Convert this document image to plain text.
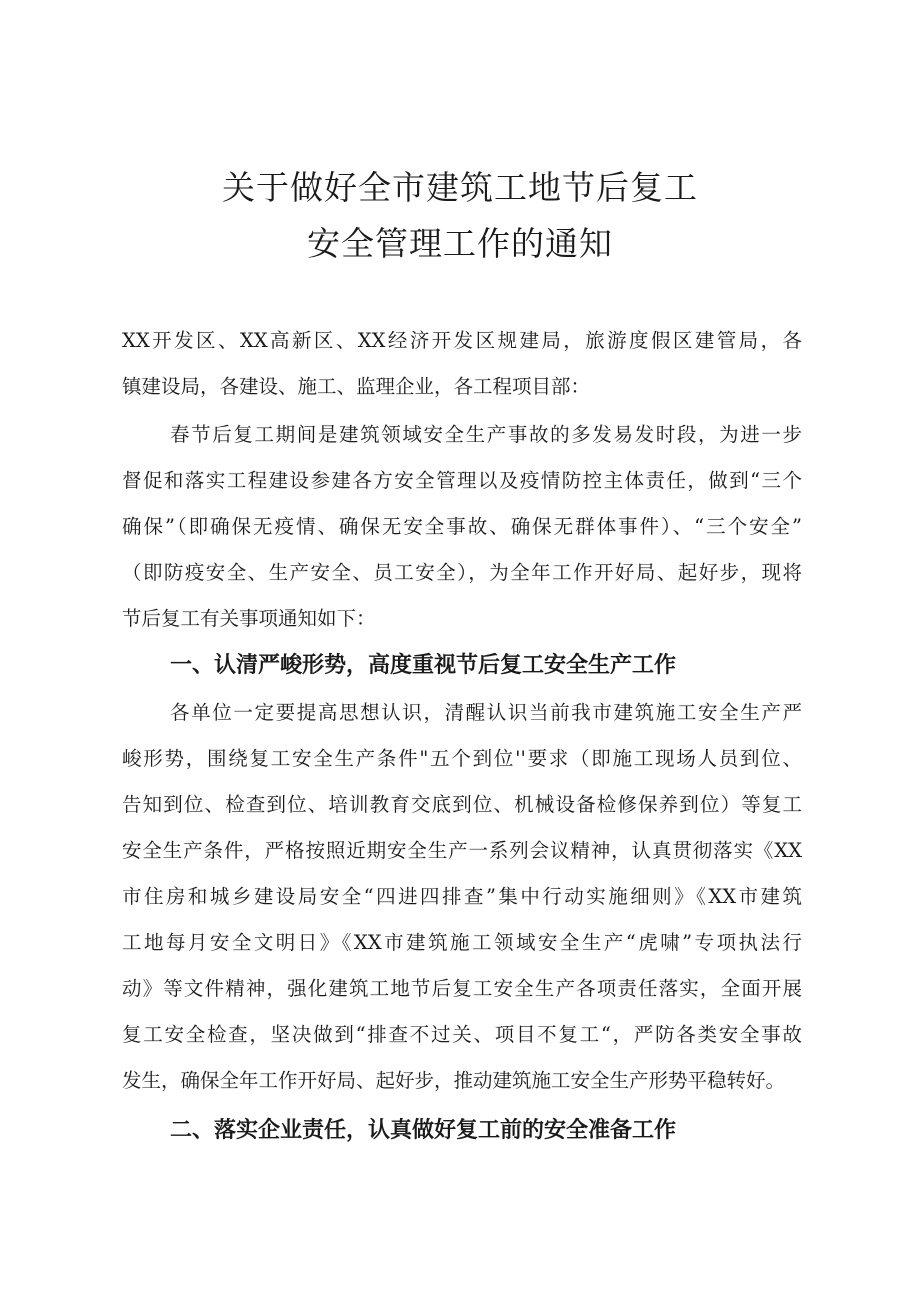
关于做好全市建筑工地节后复工
安全管理工作的通知

XX开发区、XX高新区、XX经济开发区规建局，旅游度假区建管局，各

镇建设局，各建设、施工、监理企业，各工程项目部：

春节后复工期间是建筑领域安全生产事故的多发易发时段，为进一步

督促和落实工程建设参建各方安全管理以及疫情防控主体责任，做到“三个

确保”（即确保无疫情、确保无安全事故、确保无群体事件）、“三个安全”

（即防疫安全、生产安全、员工安全），为全年工作开好局、起好步，现将

节后复工有关事项通知如下：

一、认清严峻形势，高度重视节后复工安全生产工作

各单位一定要提高思想认识，清醒认识当前我市建筑施工安全生产严

峻形势，围绕复工安全生产条件"五个到位''要求（即施工现场人员到位、

告知到位、检查到位、培训教育交底到位、机械设备检修保养到位）等复工

安全生产条件，严格按照近期安全生产一系列会议精神，认真贯彻落实《XX

市住房和城乡建设局安全“四进四排查”集中行动实施细则》《XX市建筑

工地每月安全文明日》《XX市建筑施工领域安全生产“虎啸”专项执法行

动》等文件精神，强化建筑工地节后复工安全生产各项责任落实，全面开展

复工安全检查，坚决做到“排查不过关、项目不复工“，严防各类安全事故

发生，确保全年工作开好局、起好步，推动建筑施工安全生产形势平稳转好。

二、落实企业责任，认真做好复工前的安全准备工作
